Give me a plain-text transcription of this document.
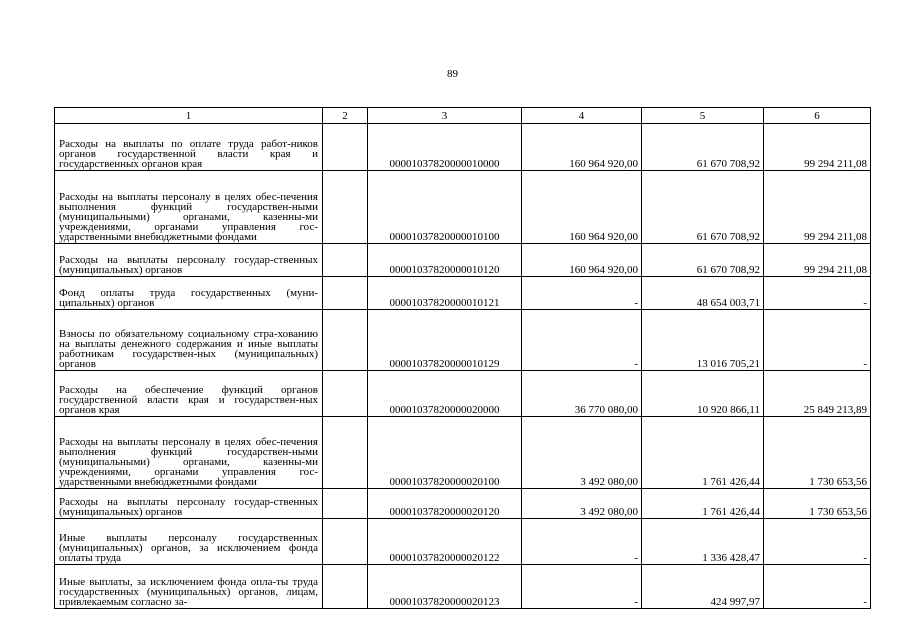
89
1	2	3	4	5	6
Расходы на выплаты по оплате труда работ-ников органов государственной власти края и государственных органов края		00001037820000010000	160 964 920,00	61 670 708,92	99 294 211,08
Расходы на выплаты персоналу в целях обес-печения выполнения функций государствен-ными (муниципальными) органами, казенны-ми учреждениями, органами управления гос-ударственными внебюджетными фондами		00001037820000010100	160 964 920,00	61 670 708,92	99 294 211,08
Расходы на выплаты персоналу государ-ственных (муниципальных) органов		00001037820000010120	160 964 920,00	61 670 708,92	99 294 211,08
Фонд оплаты труда государственных (муни-ципальных) органов		00001037820000010121	-	48 654 003,71	-
Взносы по обязательному социальному стра-хованию на выплаты денежного содержания и иные выплаты работникам государствен-ных (муниципальных) органов		00001037820000010129	-	13 016 705,21	-
Расходы на обеспечение функций органов государственной власти края и государствен-ных органов края		00001037820000020000	36 770 080,00	10 920 866,11	25 849 213,89
Расходы на выплаты персоналу в целях обес-печения выполнения функций государствен-ными (муниципальными) органами, казенны-ми учреждениями, органами управления гос-ударственными внебюджетными фондами		00001037820000020100	3 492 080,00	1 761 426,44	1 730 653,56
Расходы на выплаты персоналу государ-ственных (муниципальных) органов		00001037820000020120	3 492 080,00	1 761 426,44	1 730 653,56
Иные выплаты персоналу государственных (муниципальных) органов, за исключением фонда оплаты труда		00001037820000020122	-	1 336 428,47	-
Иные выплаты, за исключением фонда опла-ты труда государственных (муниципальных) органов, лицам, привлекаемым согласно за-		00001037820000020123	-	424 997,97	-
